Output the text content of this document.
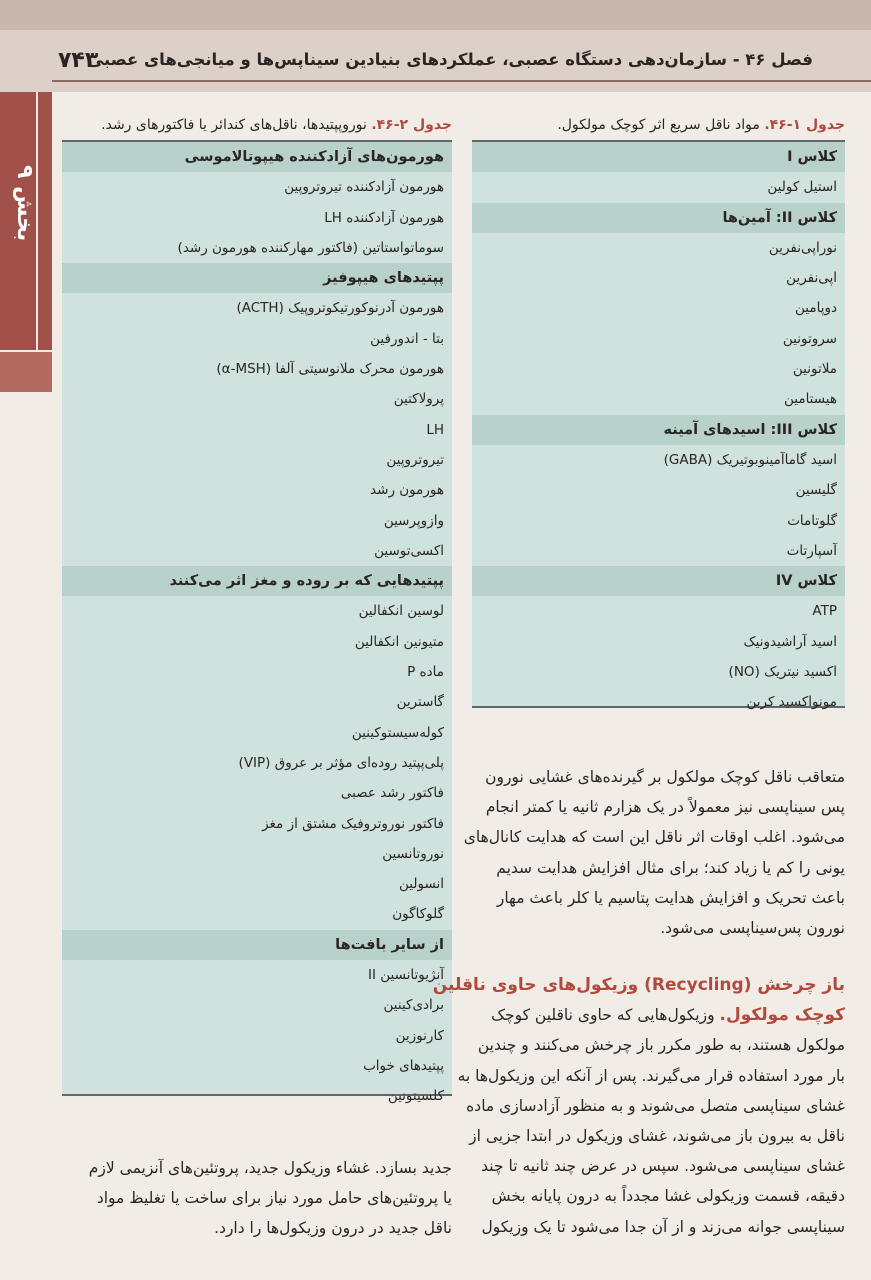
۷۴۳
فصل ۴۶ - سازمان‌دهی دستگاه عصبی، عملکردهای بنیادین سیناپس‌ها و میانجی‌های عصبی
بخش ۹
جدول ۱-۴۶. مواد ناقل سریع اثر کوچک مولکول.
کلاس I
استیل کولین
کلاس II: آمین‌ها
نوراپی‌نفرین
اپی‌نفرین
دوپامین
سروتونین
ملاتونین
هیستامین
کلاس III: اسیدهای آمینه
اسید گاماآمینوبوتیریک (GABA)
گلیسین
گلوتامات
آسپارتات
کلاس IV
ATP
اسید آراشیدونیک
اکسید نیتریک (NO)
مونواکسید کربن
جدول ۲-۴۶. نوروپپتیدها، ناقل‌های کندائر یا فاکتورهای رشد.
هورمون‌های آزادکننده هیپوتالاموسی
هورمون آزادکننده تیروتروپین
هورمون آزادکننده LH
سوماتواستاتین (فاکتور مهارکننده هورمون رشد)
پپتیدهای هیپوفیز
هورمون آدرنوکورتیکوتروپیک (ACTH)
بتا - اندورفین
هورمون محرک ملانوسیتی آلفا (α-MSH)
پرولاکتین
LH
تیروتروپین
هورمون رشد
وازوپرسین
اکسی‌توسین
پپتیدهایی که بر روده و مغز اثر می‌کنند
لوسین انکفالین
متیونین انکفالین
ماده P
گاسترین
کوله‌سیستوکینین
پلی‌پپتید روده‌ای مؤثر بر عروق (VIP)
فاکتور رشد عصبی
فاکتور نوروتروفیک مشتق از مغز
نوروتانسین
انسولین
گلوکاگون
از سایر بافت‌ها
آنژیوتانسین II
برادی‌کینین
کارنوزین
پپتیدهای خواب
کلسیتونین
متعاقب ناقل کوچک مولکول بر گیرنده‌های غشایی نورون
پس سیناپسی نیز معمولاً در یک هزارم ثانیه یا کمتر انجام
می‌شود. اغلب اوقات اثر ناقل این است که هدایت کانال‌های
یونی را کم یا زیاد کند؛ برای مثال افزایش هدایت سدیم
باعث تحریک و افزایش هدایت پتاسیم یا کلر باعث مهار
نورون پس‌سیناپسی می‌شود.
باز چرخش (Recycling) وزیکول‌های حاوی ناقلین
کوچک مولکول. وزیکول‌هایی که حاوی ناقلین کوچک
مولکول هستند، به طور مکرر باز چرخش می‌کنند و چندین
بار مورد استفاده قرار می‌گیرند. پس از آنکه این وزیکول‌ها به
غشای سیناپسی متصل می‌شوند و به منظور آزادسازی ماده
ناقل به بیرون باز می‌شوند، غشای وزیکول در ابتدا جزیی از
غشای سیناپسی می‌شود. سپس در عرض چند ثانیه تا چند
دقیقه، قسمت وزیکولی غشا مجدداً به درون پایانه بخش
سیناپسی جوانه می‌زند و از آن جدا می‌شود تا یک وزیکول
جدید بسازد. غشاء وزیکول جدید، پروتئین‌های آنزیمی لازم
یا پروتئین‌های حامل مورد نیاز برای ساخت یا تغلیظ مواد
ناقل جدید در درون وزیکول‌ها را دارد.
